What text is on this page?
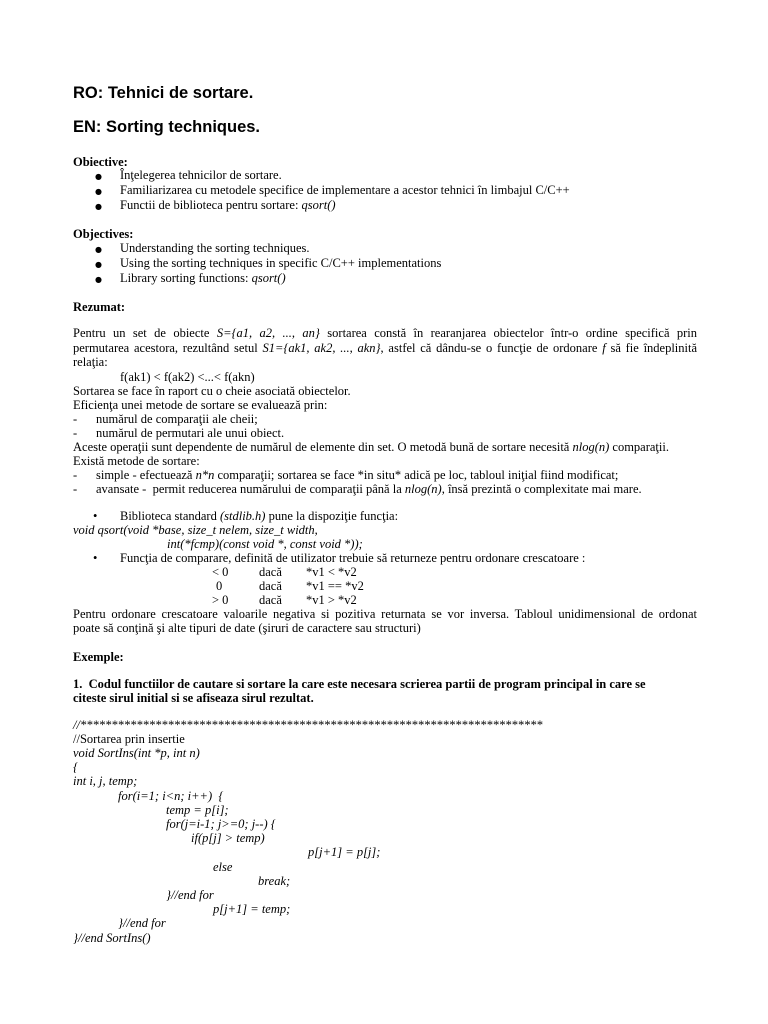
RO: Tehnici de sortare.
EN: Sorting techniques.
Obiective:
● Înţelegerea tehnicilor de sortare.
● Familiarizarea cu metodele specifice de implementare a acestor tehnici în limbajul C/C++
● Functii de biblioteca pentru sortare: qsort()
Objectives:
● Understanding the sorting techniques.
● Using the sorting techniques in specific C/C++ implementations
● Library sorting functions: qsort()
Rezumat:
Pentru un set de obiecte S={a1, a2, ..., an} sortarea constă în rearanjarea obiectelor într-o ordine specifică prin
permutarea acestora, rezultând setul S1={ak1, ak2, ..., akn}, astfel că dându-se o funcţie de ordonare f să fie îndeplinită
relaţia:
f(ak1) < f(ak2) <...< f(akn)
Sortarea se face în raport cu o cheie asociată obiectelor.
Eficienţa unei metode de sortare se evaluează prin:
- numărul de comparaţii ale cheii;
- numărul de permutari ale unui obiect.
Aceste operaţii sunt dependente de numărul de elemente din set. O metodă bună de sortare necesită nlog(n) comparaţii.
Există metode de sortare:
- simple - efectuează n*n comparaţii; sortarea se face *in situ* adică pe loc, tabloul iniţial fiind modificat;
- avansate -  permit reducerea numărului de comparaţii până la nlog(n), însă prezintă o complexitate mai mare.
• Biblioteca standard (stdlib.h) pune la dispoziţie funcţia:
void qsort(void *base, size_t nelem, size_t width,
int(*fcmp)(const void *, const void *));
• Funcţia de comparare, definită de utilizator trebuie să returneze pentru ordonare crescatoare :
< 0 dacă *v1 < *v2
0	dacă *v1 == *v2
> 0 dacă *v1 > *v2
Pentru ordonare crescatoare valoarile negativa si pozitiva returnata se vor inversa. Tabloul unidimensional de ordonat
poate să conţină şi alte tipuri de date (şiruri de caractere sau structuri)
Exemple:
1.  Codul functiilor de cautare si sortare la care este necesara scrierea partii de program principal in care se
citeste sirul initial si se afiseaza sirul rezultat.
//**************************************************************************
//Sortarea prin insertie
void SortIns(int *p, int n)
{
int i, j, temp;
for(i=1; i<n; i++)  {
temp = p[i];
for(j=i-1; j>=0; j--) {
if(p[j] > temp)
p[j+1] = p[j];
else
break;
}//end for
p[j+1] = temp;
}//end for
}//end SortIns()
